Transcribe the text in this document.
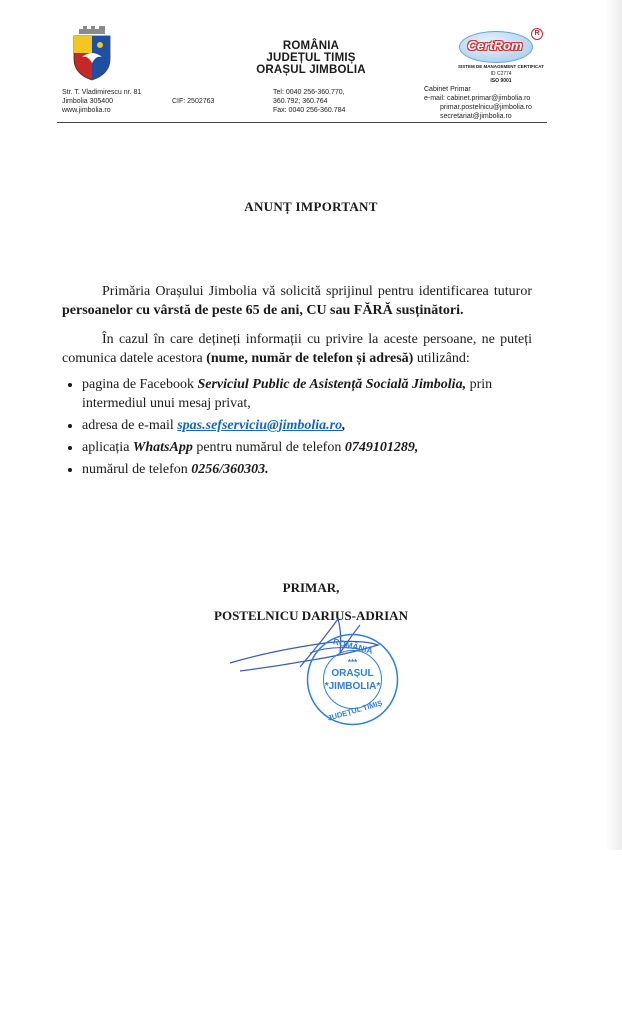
ROMÂNIA
JUDEȚUL TIMIȘ
ORAȘUL JIMBOLIA
CertRom
R
SISTEM DE MANAGEMENT CERTIFICAT
ID C2774
ISO 9001
Str. T. Vladimirescu nr. 81
Jimbolia 305400
www.jimbolia.ro
CIF: 2502763
Tel: 0040 256-360.770,
360.792; 360.764
Fax: 0040 256-360.784
Cabinet Primar
e-mail: cabinet.primar@jimbolia.ro
primar.postelnicu@jimbolia.ro
secretariat@jimbolia.ro
ANUNȚ IMPORTANT
Primăria Orașului Jimbolia vă solicită sprijinul pentru identificarea tuturor persoanelor cu vârstă de peste 65 de ani, CU sau FĂRĂ susținători.
În cazul în care dețineți informații cu privire la aceste persoane, ne puteți comunica datele acestora (nume, număr de telefon și adresă) utilizând:
• pagina de Facebook Serviciul Public de Asistență Socială Jimbolia, prin intermediul unui mesaj privat,
• adresa de e-mail spas.sefserviciu@jimbolia.ro,
• aplicația WhatsApp pentru numărul de telefon 0749101289,
• numărul de telefon 0256/360303.
PRIMAR,
POSTELNICU DARIUS-ADRIAN
ROMÂNIA
***
ORAȘUL
*JIMBOLIA*
JUDEȚUL TIMIȘ
